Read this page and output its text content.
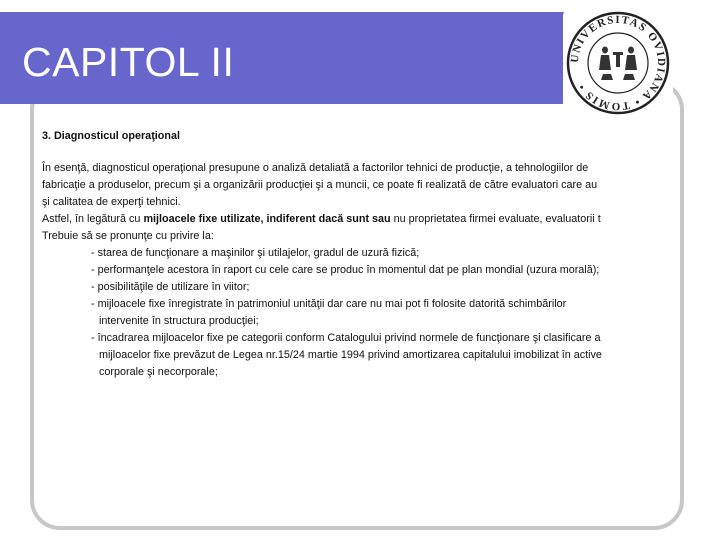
CAPITOL II	UNIVERSITAS OVIDIANA • TOMIS •
3. Diagnosticul operaţional
În esenţă, diagnosticul operaţional presupune o analiză detaliată a factorilor tehnici de producţie, a tehnologiilor de
fabricaţie a produselor, precum şi a organizării producţiei şi a muncii, ce poate fi realizată de către evaluatori care au
şi calitatea de experţi tehnici.
Astfel, în legătură cu mijloacele fixe utilizate, indiferent dacă sunt sau nu proprietatea firmei evaluate, evaluatorii t
Trebuie să se pronunţe cu privire la:
- starea de funcţionare a maşinilor şi utilajelor, gradul de uzură fizică;
- performanţele acestora în raport cu cele care se produc în momentul dat pe plan mondial (uzura morală);
- posibilităţile de utilizare în viitor;
- mijloacele fixe înregistrate în patrimoniul unităţii dar care nu mai pot fi folosite datorită schimbărilor
intervenite în structura producţiei;
- încadrarea mijloacelor fixe pe categorii conform Catalogului privind normele de funcţionare şi clasificare a
mijloacelor fixe prevăzut de Legea nr.15/24 martie 1994 privind amortizarea capitalului imobilizat în active
corporale şi necorporale;
